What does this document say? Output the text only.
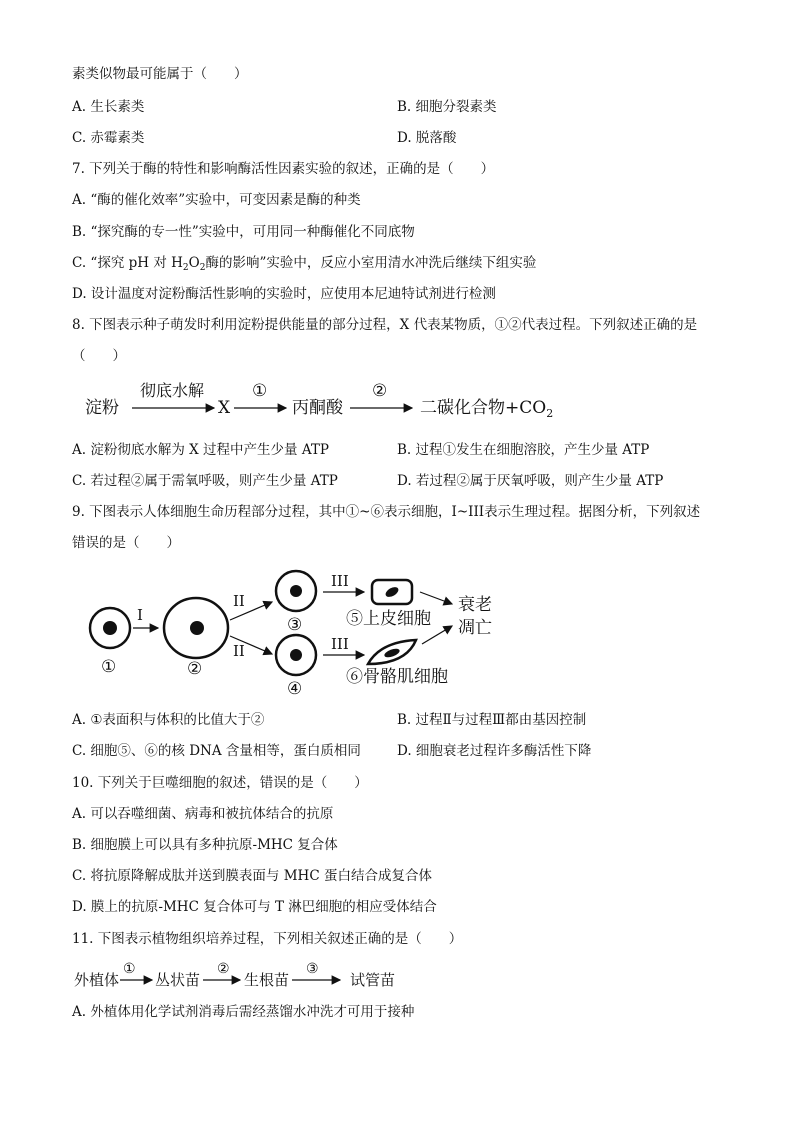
素类似物最可能属于（　　）
A. 生长素类	B. 细胞分裂素类
C. 赤霉素类	D. 脱落酸
7. 下列关于酶的特性和影响酶活性因素实验的叙述，正确的是（　　）
A. “酶的催化效率”实验中，可变因素是酶的种类
B. “探究酶的专一性”实验中，可用同一种酶催化不同底物
C. “探究 pH 对 $H_2O_2$酶的影响”实验中，反应小室用清水冲洗后继续下组实验
D. 设计温度对淀粉酶活性影响的实验时，应使用本尼迪特试剂进行检测
8. 下图表示种子萌发时利用淀粉提供能量的部分过程，X 代表某物质，①②代表过程。下列叙述正确的是
（　　）
淀粉
彻底水解
X
①
丙酮酸
②
二碳化合物$+CO_2$
A. 淀粉彻底水解为 X 过程中产生少量 ATP	B. 过程①发生在细胞溶胶，产生少量 ATP
C. 若过程②属于需氧呼吸，则产生少量 ATP	D. 若过程②属于厌氧呼吸，则产生少量 ATP
9. 下图表示人体细胞生命历程部分过程，其中①~⑥表示细胞，I~III表示生理过程。据图分析，下列叙述
错误的是（　　）
①
I
②
II
II
③
④
III
III
⑤上皮细胞
⑥骨骼肌细胞
衰老
凋亡
A. ①表面积与体积的比值大于②	B. 过程Ⅱ与过程Ⅲ都由基因控制
C. 细胞⑤、⑥的核 DNA 含量相等，蛋白质相同	D. 细胞衰老过程许多酶活性下降
10. 下列关于巨噬细胞的叙述，错误的是（　　）
A. 可以吞噬细菌、病毒和被抗体结合的抗原
B. 细胞膜上可以具有多种抗原-MHC 复合体
C. 将抗原降解成肽并送到膜表面与 MHC 蛋白结合成复合体
D. 膜上的抗原-MHC 复合体可与 T 淋巴细胞的相应受体结合
11. 下图表示植物组织培养过程，下列相关叙述正确的是（　　）
外植体
①
丛状苗
②
生根苗
③
试管苗
A. 外植体用化学试剂消毒后需经蒸馏水冲洗才可用于接种
